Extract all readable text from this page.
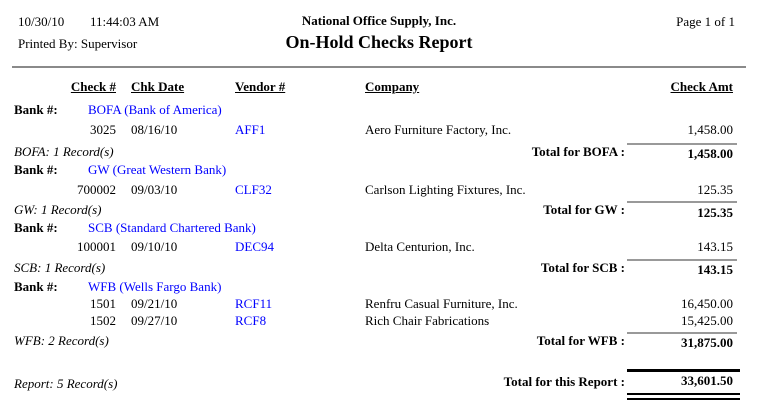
10/30/10 11:44:03 AM
Printed By: Supervisor
National Office Supply, Inc.
On-Hold Checks Report
Page 1 of 1
Check # Chk Date	Vendor #	Company	Check Amt
Bank #: BOFA (Bank of America)
3025 08/16/10	AFF1	Aero Furniture Factory, Inc.	1,458.00
BOFA: 1 Record(s)	Total for BOFA :	1,458.00
Bank #: GW (Great Western Bank)
700002 09/03/10	CLF32	Carlson Lighting Fixtures, Inc.	125.35
GW: 1 Record(s)	Total for GW :	125.35
Bank #: SCB (Standard Chartered Bank)
100001 09/10/10	DEC94	Delta Centurion, Inc.	143.15
SCB: 1 Record(s)	Total for SCB :	143.15
Bank #: WFB (Wells Fargo Bank)
1501 09/21/10	RCF11	Renfru Casual Furniture, Inc.	16,450.00
1502 09/27/10	RCF8	Rich Chair Fabrications	15,425.00
WFB: 2 Record(s)	Total for WFB :	31,875.00
Report: 5 Record(s)	Total for this Report :	33,601.50
